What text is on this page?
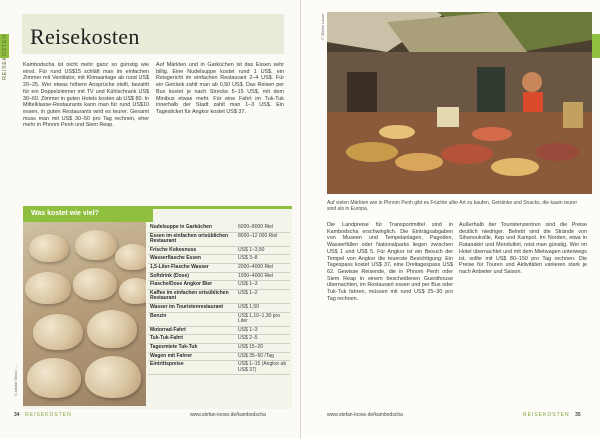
REISEKOSTEN Reisekosten

Kambodscha ist nicht mehr ganz so günstig wie einst. Für rund US$15 schläft man im einfachen Zimmer mit Ventilator, mit Klimaanlage ab rund US$ 20–25. Wer etwas höhere Ansprüche stellt, bezahlt für ein Doppelzimmer mit TV und Kühlschrank US$ 30–60. Zimmer in guten Hotels kosten ab US$ 80. In Mittelklasse-Restaurants kann man für rund US$10 essen, in guten Restaurants wird es teurer. Gesamt muss man mit US$ 30–50 pro Tag rechnen, eher mehr in Phnom Penh und Siem Reap.

Auf Märkten und in Garküchen ist das Essen sehr billig. Eine Nudelsuppe kostet rund 1 US$, ein Reisgericht im einfachen Restaurant 2–4 US$. Für ein Getränk zahlt man ab 0,50 US$. Das Reisen per Bus kostet je nach Strecke 5–15 US$, mit dem Minibus etwas mehr. Für eine Fahrt im Tuk-Tuk innerhalb der Stadt zahlt man 1–3 US$. Ein Tagesticket für Angkor kostet US$ 37.

Was kostet wie viel?
© Adobe Stock / ...
Nudelsuppe in Garküchen	6000–8000 Riel
Essen im einfachen ortsüblichen Restaurant	8000–12 000 Riel
Frische Kokosnuss	US$ 1–3,50
Wasserflasche Essen	US$ 3–8
1,5-Liter-Flasche Wasser	2000–4000 Riel
Softdrink (Dose)	1000–4000 Riel
Flasche/Dose Angkor Bier	US$ 1–3
Kaffee im einfachen ortsüblichen Restaurant	US$ 1–2
Wasser im Touristenrestaurant	US$ 1,50
Benzin	US$ 1,10–1,30 pro Liter
Motorrad-Fahrt	US$ 1–3
Tuk-Tuk-Fahrt	US$ 2–5
Tagesmiete Tuk-Tuk	US$ 15–20
Wagen mit Fahrer	US$ 35–50 /Tag
Eintrittspreise	US$ 1–15 (Angkor ab US$ 37)
34 REISEKOSTEN	www.stefan-loose.de/kambodscha
© Stefan Loose
Auf vielen Märkten wie in Phnom Penh gibt es Früchte aller Art zu kaufen, Getränke und Snacks, die kaum teurer sind als in Europa.

Die Landpreise für Transportmittel sind in Kambodscha erschwinglich. Die Einträgsabgaben von Museen und Tempelanlagen, Pagoden, Wasserfällen oder Nationalparks liegen zwischen US$ 1 und US$ 5. Für Angkor ist ein Besuch der Tempel von Angkor die teuerste Besichtigung: Ein Tagespass kostet US$ 37, eine Dreitagespass US$ 62. Gewisse Reisende, die in Phnom Penh oder Siem Reap in einem bescheidenen Guesthouse übernachten, im Restaurant essen und per Bus oder Tuk-Tuk fahren, müssen mit rund US$ 25–30 pro Tag rechnen.

Außerhalb der Touristenzentren sind die Preise deutlich niedriger. Beliebt sind die Strände von Sihanoukville, Kep und Kampot. Im Norden, etwa in Ratanakiri und Mondulkiri, reist man günstig. Wer im Hotel übernachtet und mit dem Mietwagen unterwegs ist, sollte mit US$ 80–150 pro Tag rechnen. Die Preise für Touren und Aktivitäten variieren stark je nach Anbieter und Saison.

www.stefan-loose.de/kambodscha	REISEKOSTEN 35
